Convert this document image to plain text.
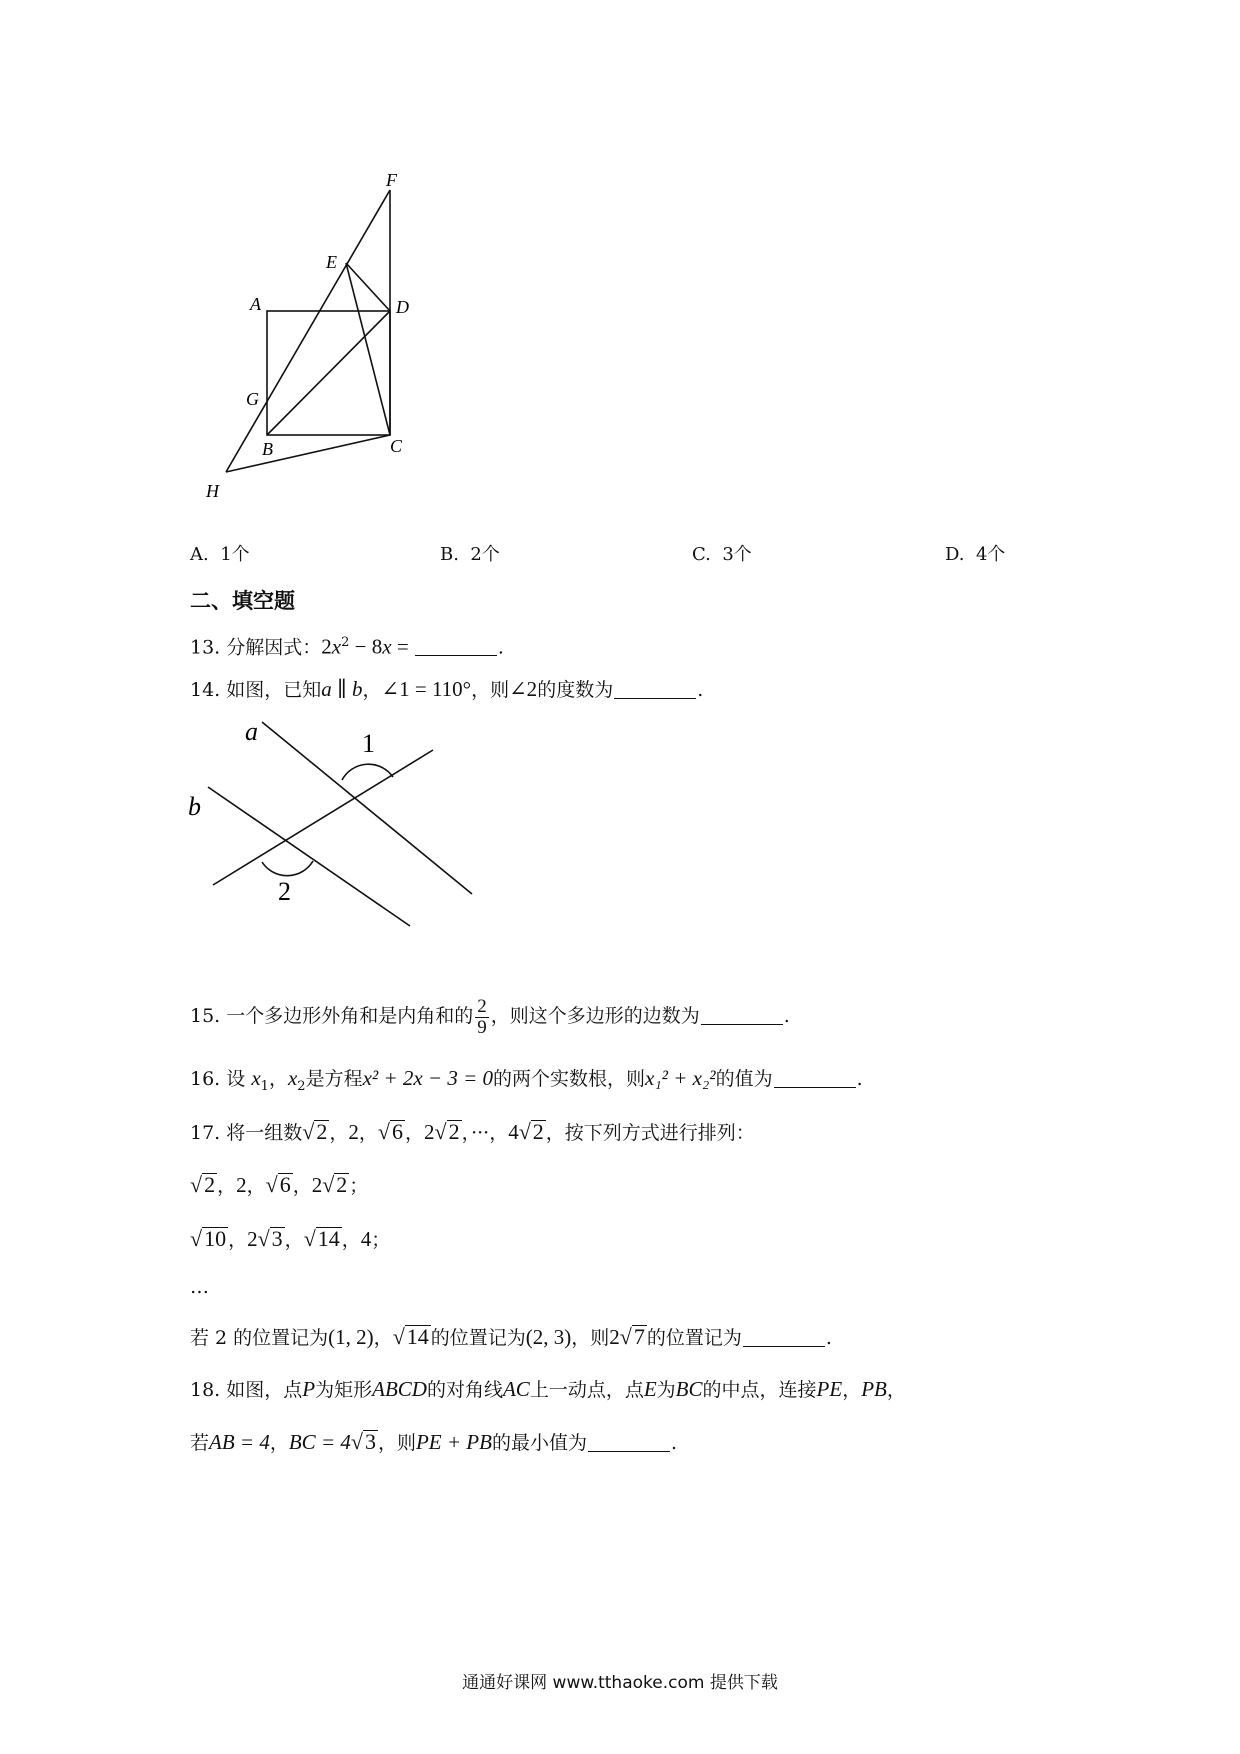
F
E
A	D
G
B	C
H
A. 1个	B. 2个	C. 3个	D. 4个
二、填空题
13. 分解因式：$2x^2 - 8x$ =	.
14. 如图，已知a ∥ b，∠1 = 110°，则∠2的度数为	.
a
b
1
2
15. 一个多边形外角和是内角和的 $\frac{2}{9}$ ，则这个多边形的边数为	.
16. 设 $x_1$，$x_2$是方程x² + 2x − 3 = 0的两个实数根，则x₁² + x₂²的值为	.
17. 将一组数√2 ，2，√6 ，2√2 ，···，4√2 ，按下列方式进行排列：
√2 ，2，√6 ，2√2 ；
√10 ，2√3 ，√14 ，4；
…
若 2 的位置记为(1, 2)，√14 的位置记为(2, 3)，则2√7 的位置记为	.
18. 如图，点P为矩形ABCD的对角线AC上一动点，点E为BC的中点，连接PE，PB，
若AB = 4，BC = 4√3 ，则PE + PB的最小值为	.
通通好课网 www.tthaoke.com 提供下载
